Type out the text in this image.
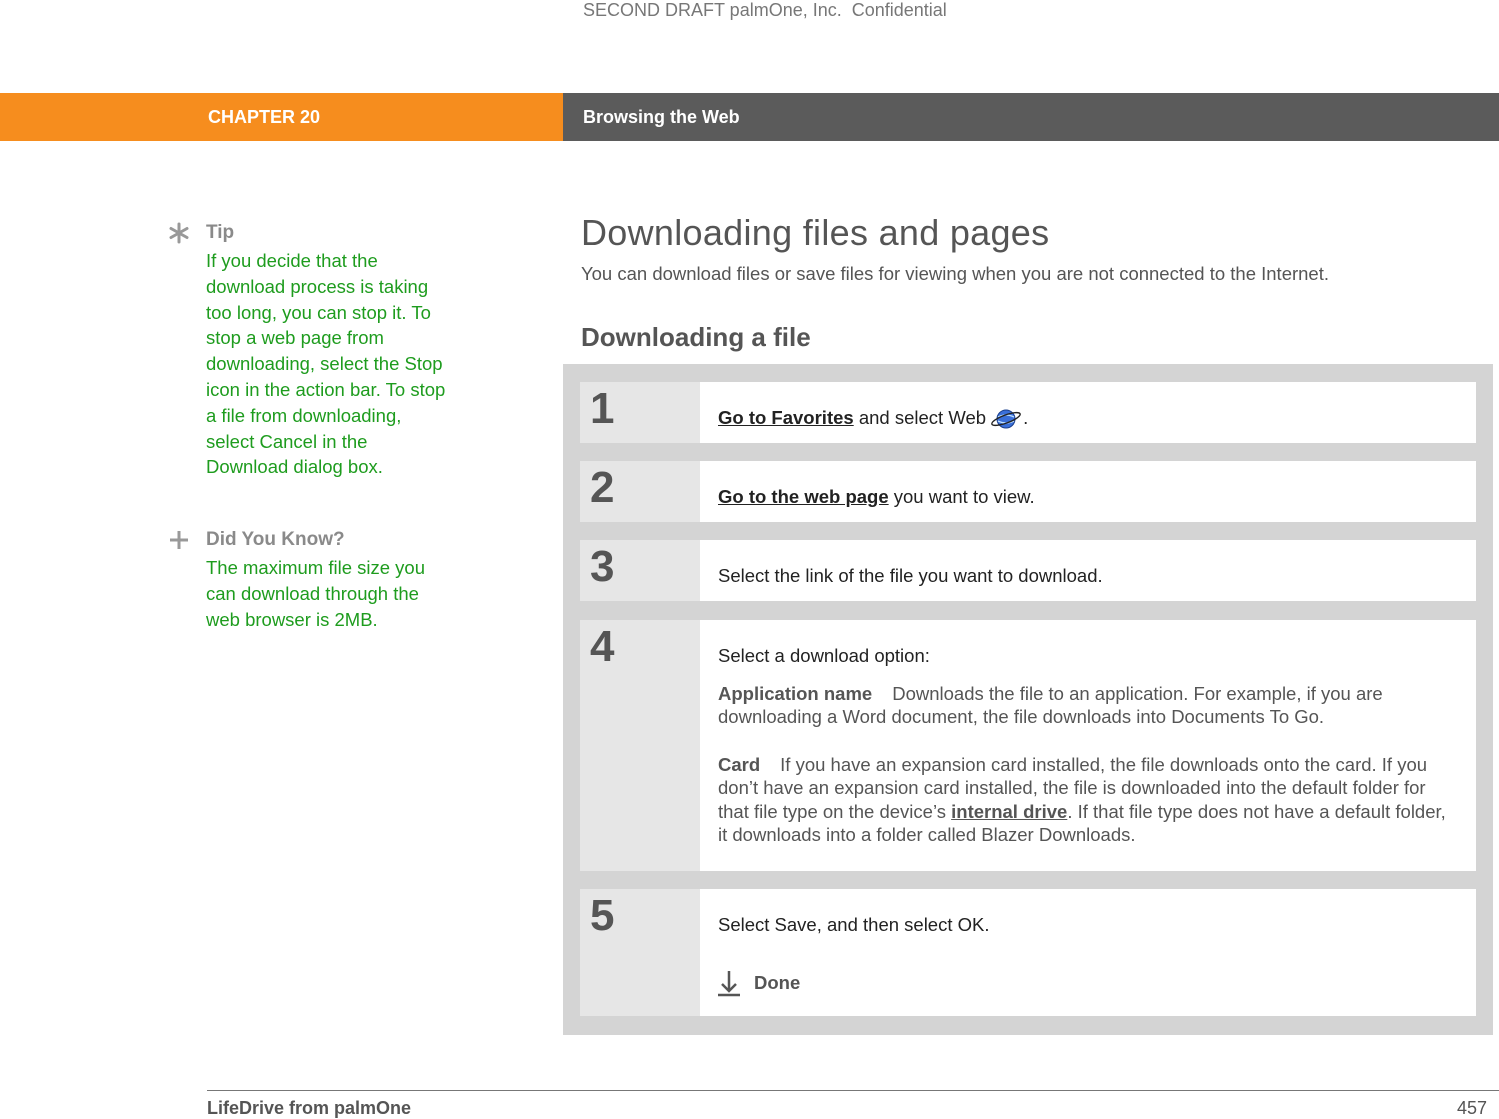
SECOND DRAFT palmOne, Inc.  Confidential
CHAPTER 20	Browsing the Web
Tip
If you decide that the download process is taking too long, you can stop it. To stop a web page from downloading, select the Stop icon in the action bar. To stop a file from downloading, select Cancel in the Download dialog box.
Did You Know?
The maximum file size you can download through the web browser is 2MB.
Downloading files and pages
You can download files or save files for viewing when you are not connected to the Internet.
Downloading a file
1	Go to Favorites and select Web .
2	Go to the web page you want to view.
3	Select the link of the file you want to download.
4	Select a download option:
Application name Downloads the file to an application. For example, if you are downloading a Word document, the file downloads into Documents To Go.
Card If you have an expansion card installed, the file downloads onto the card. If you don’t have an expansion card installed, the file is downloaded into the default folder for that file type on the device’s internal drive. If that file type does not have a default folder, it downloads into a folder called Blazer Downloads.
5	Select Save, and then select OK.
Done
LifeDrive from palmOne	457
